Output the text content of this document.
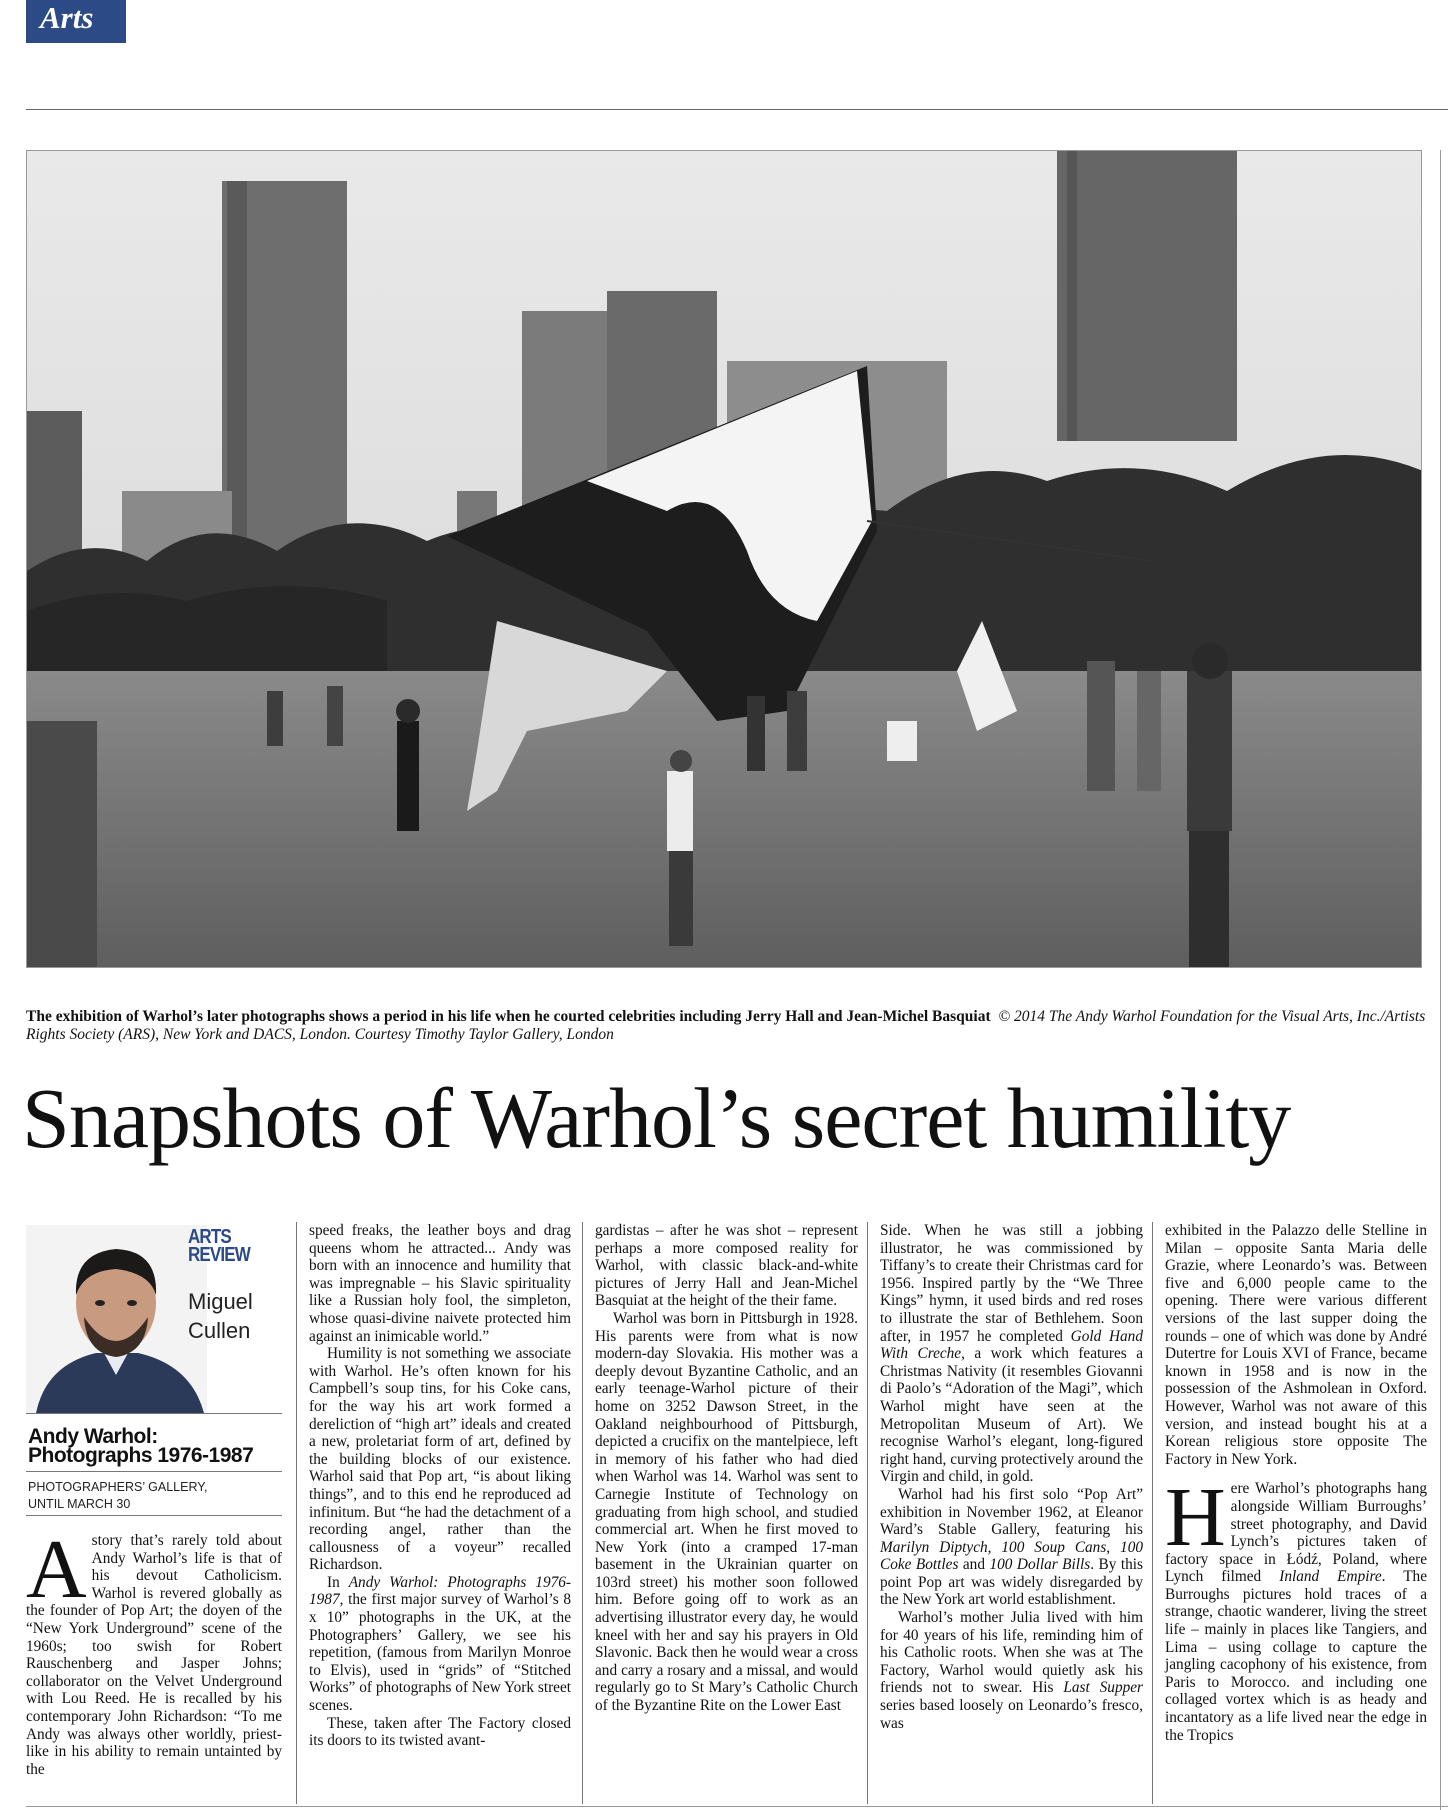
Arts
The exhibition of Warhol’s later photographs shows a period in his life when he courted celebrities including Jerry Hall and Jean-Michel Basquiat © 2014 The Andy Warhol Foundation for the Visual Arts, Inc./Artists Rights Society (ARS), New York and DACS, London. Courtesy Timothy Taylor Gallery, London
Snapshots of Warhol’s secret humility
ARTS
REVIEW
Miguel
Cullen
Andy Warhol:
Photographs 1976-1987
PHOTOGRAPHERS’ GALLERY,
UNTIL MARCH 30

Astory that’s rarely told about Andy Warhol’s life is that of his devout Catholicism. Warhol is revered globally as the founder of Pop Art; the doyen of the “New York Underground” scene of the 1960s; too swish for Robert Rauschenberg and Jasper Johns; collaborator on the Velvet Underground with Lou Reed. He is recalled by his contemporary John Richardson: “To me Andy was always other worldly, priest-like in his ability to remain untainted by the

speed freaks, the leather boys and drag queens whom he attracted... Andy was born with an innocence and humility that was impregnable – his Slavic spirituality like a Russian holy fool, the simpleton, whose quasi-divine naivete protected him against an inimicable world.”

Humility is not something we associate with Warhol. He’s often known for his Campbell’s soup tins, for his Coke cans, for the way his art work formed a dereliction of “high art” ideals and created a new, proletariat form of art, defined by the building blocks of our existence. Warhol said that Pop art, “is about liking things”, and to this end he reproduced ad infinitum. But “he had the detachment of a recording angel, rather than the callousness of a voyeur” recalled Richardson.

In Andy Warhol: Photographs 1976-1987, the first major survey of Warhol’s 8 x 10” photographs in the UK, at the Photographers’ Gallery, we see his repetition, (famous from Marilyn Monroe to Elvis), used in “grids” of “Stitched Works” of photographs of New York street scenes.

These, taken after The Factory closed its doors to its twisted avant-

gardistas – after he was shot – represent perhaps a more composed reality for Warhol, with classic black-and-white pictures of Jerry Hall and Jean-Michel Basquiat at the height of the their fame.

Warhol was born in Pittsburgh in 1928. His parents were from what is now modern-day Slovakia. His mother was a deeply devout Byzantine Catholic, and an early teenage-Warhol picture of their home on 3252 Dawson Street, in the Oakland neighbourhood of Pittsburgh, depicted a crucifix on the mantelpiece, left in memory of his father who had died when Warhol was 14. Warhol was sent to Carnegie Institute of Technology on graduating from high school, and studied commercial art. When he first moved to New York (into a cramped 17-man basement in the Ukrainian quarter on 103rd street) his mother soon followed him. Before going off to work as an advertising illustrator every day, he would kneel with her and say his prayers in Old Slavonic. Back then he would wear a cross and carry a rosary and a missal, and would regularly go to St Mary’s Catholic Church of the Byzantine Rite on the Lower East

Side. When he was still a jobbing illustrator, he was commissioned by Tiffany’s to create their Christmas card for 1956. Inspired partly by the “We Three Kings” hymn, it used birds and red roses to illustrate the star of Bethlehem. Soon after, in 1957 he completed Gold Hand With Creche, a work which features a Christmas Nativity (it resembles Giovanni di Paolo’s “Adoration of the Magi”, which Warhol might have seen at the Metropolitan Museum of Art). We recognise Warhol’s elegant, long-figured right hand, curving protectively around the Virgin and child, in gold.

Warhol had his first solo “Pop Art” exhibition in November 1962, at Eleanor Ward’s Stable Gallery, featuring his Marilyn Diptych, 100 Soup Cans, 100 Coke Bottles and 100 Dollar Bills. By this point Pop art was widely disregarded by the New York art world establishment.

Warhol’s mother Julia lived with him for 40 years of his life, reminding him of his Catholic roots. When she was at The Factory, Warhol would quietly ask his friends not to swear. His Last Supper series based loosely on Leonardo’s fresco, was

exhibited in the Palazzo delle Stelline in Milan – opposite Santa Maria delle Grazie, where Leonardo’s was. Between five and 6,000 people came to the opening. There were various different versions of the last supper doing the rounds – one of which was done by André Dutertre for Louis XVI of France, became known in 1958 and is now in the possession of the Ashmolean in Oxford. However, Warhol was not aware of this version, and instead bought his at a Korean religious store opposite The Factory in New York.

Here Warhol’s photographs hang alongside William Burroughs’ street photography, and David Lynch’s pictures taken of factory space in Łódź, Poland, where Lynch filmed Inland Empire. The Burroughs pictures hold traces of a strange, chaotic wanderer, living the street life – mainly in places like Tangiers, and Lima – using collage to capture the jangling cacophony of his existence, from Paris to Morocco. and including one collaged vortex which is as heady and incantatory as a life lived near the edge in the Tropics
